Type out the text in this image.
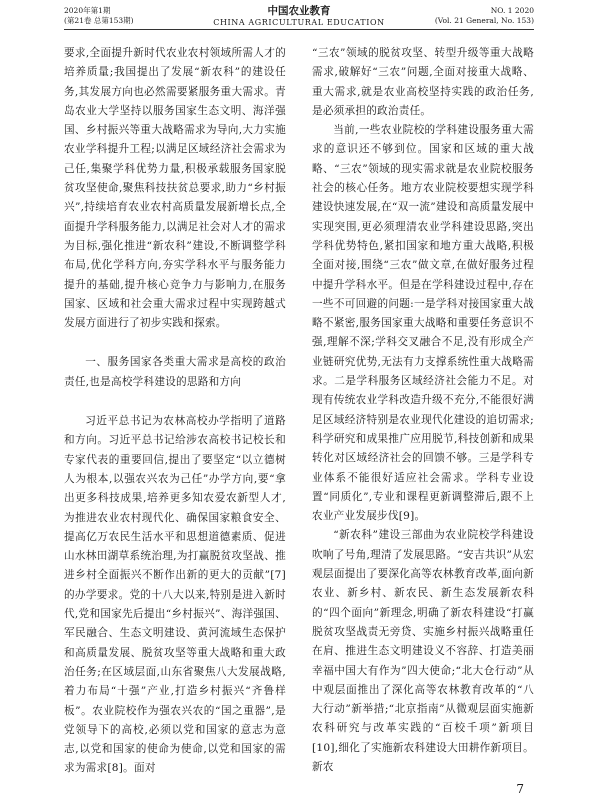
2020年第1期
(第21卷 总第153期)
中国农业教育
CHINA AGRICULTURAL EDUCATION
NO. 1 2020
(Vol. 21 General, No. 153)

要求,全面提升新时代农业农村领域所需人才的培养质量;我国提出了发展“新农科”的建设任务,其发展方向也必然需要紧服务重大需求。青岛农业大学坚持以服务国家生态文明、海洋强国、乡村振兴等重大战略需求为导向,大力实施农业学科提升工程;以满足区域经济社会需求为己任,集聚学科优势力量,积极承载服务国家脱贫攻坚使命,聚焦科技扶贫总要求,助力“乡村振兴”,持续培育农业农村高质量发展新增长点,全面提升学科服务能力,以满足社会对人才的需求为目标,强化推进“新农科”建设,不断调整学科布局,优化学科方向,夯实学科水平与服务能力提升的基础,提升核心竞争力与影响力,在服务国家、区域和社会重大需求过程中实现跨越式发展方面进行了初步实践和探索。

一、服务国家各类重大需求是高校的政治责任,也是高校学科建设的思路和方向

习近平总书记为农林高校办学指明了道路和方向。习近平总书记给涉农高校书记校长和专家代表的重要回信,提出了要坚定“以立德树人为根本,以强农兴农为己任”办学方向,要“拿出更多科技成果,培养更多知农爱农新型人才,为推进农业农村现代化、确保国家粮食安全、提高亿万农民生活水平和思想道德素质、促进山水林田湖草系统治理,为打赢脱贫攻坚战、推进乡村全面振兴不断作出新的更大的贡献”[7]的办学要求。党的十八大以来,特别是进入新时代,党和国家先后提出“乡村振兴”、海洋强国、军民融合、生态文明建设、黄河流域生态保护和高质量发展、脱贫攻坚等重大战略和重大政治任务;在区域层面,山东省聚焦八大发展战略,着力布局“十强”产业,打造乡村振兴“齐鲁样板”。农业院校作为强农兴农的“国之重器”,是党领导下的高校,必须以党和国家的意志为意志,以党和国家的使命为使命,以党和国家的需求为需求[8]。面对

“三农”领域的脱贫攻坚、转型升级等重大战略需求,破解好“三农”问题,全面对接重大战略、重大需求,就是农业高校坚持实践的政治任务,是必须承担的政治责任。

当前,一些农业院校的学科建设服务重大需求的意识还不够到位。国家和区域的重大战略、“三农”领域的现实需求就是农业院校服务社会的核心任务。地方农业院校要想实现学科建设快速发展,在“双一流”建设和高质量发展中实现突围,更必须理清农业学科建设思路,突出学科优势特色,紧扣国家和地方重大战略,积极全面对接,围绕“三农”做文章,在做好服务过程中提升学科水平。但是在学科建设过程中,存在一些不可回避的问题:一是学科对接国家重大战略不紧密,服务国家重大战略和重要任务意识不强,理解不深;学科交叉融合不足,没有形成全产业链研究优势,无法有力支撑系统性重大战略需求。二是学科服务区域经济社会能力不足。对现有传统农业学科改造升级不充分,不能很好满足区域经济特别是农业现代化建设的追切需求;科学研究和成果推广应用脱节,科技创新和成果转化对区域经济社会的回馈不够。三是学科专业体系不能很好适应社会需求。学科专业设置“同质化”,专业和课程更新调整滞后,跟不上农业产业发展步伐[9]。

“新农科”建设三部曲为农业院校学科建设吹响了号角,理清了发展思路。“安吉共识”从宏观层面提出了要深化高等农林教育改革,面向新农业、新乡村、新农民、新生态发展新农科的“四个面向”新理念,明确了新农科建设“打赢脱贫攻坚战责无旁贷、实施乡村振兴战略重任在肩、推进生态文明建设义不容辞、打造美丽幸福中国大有作为”四大使命;“北大仓行动”从中观层面推出了深化高等农林教育改革的“八大行动”新举措;“北京指南”从微观层面实施新农科研究与改革实践的“百校千项”新项目[10],细化了实施新农科建设大田耕作新项目。新农

7
